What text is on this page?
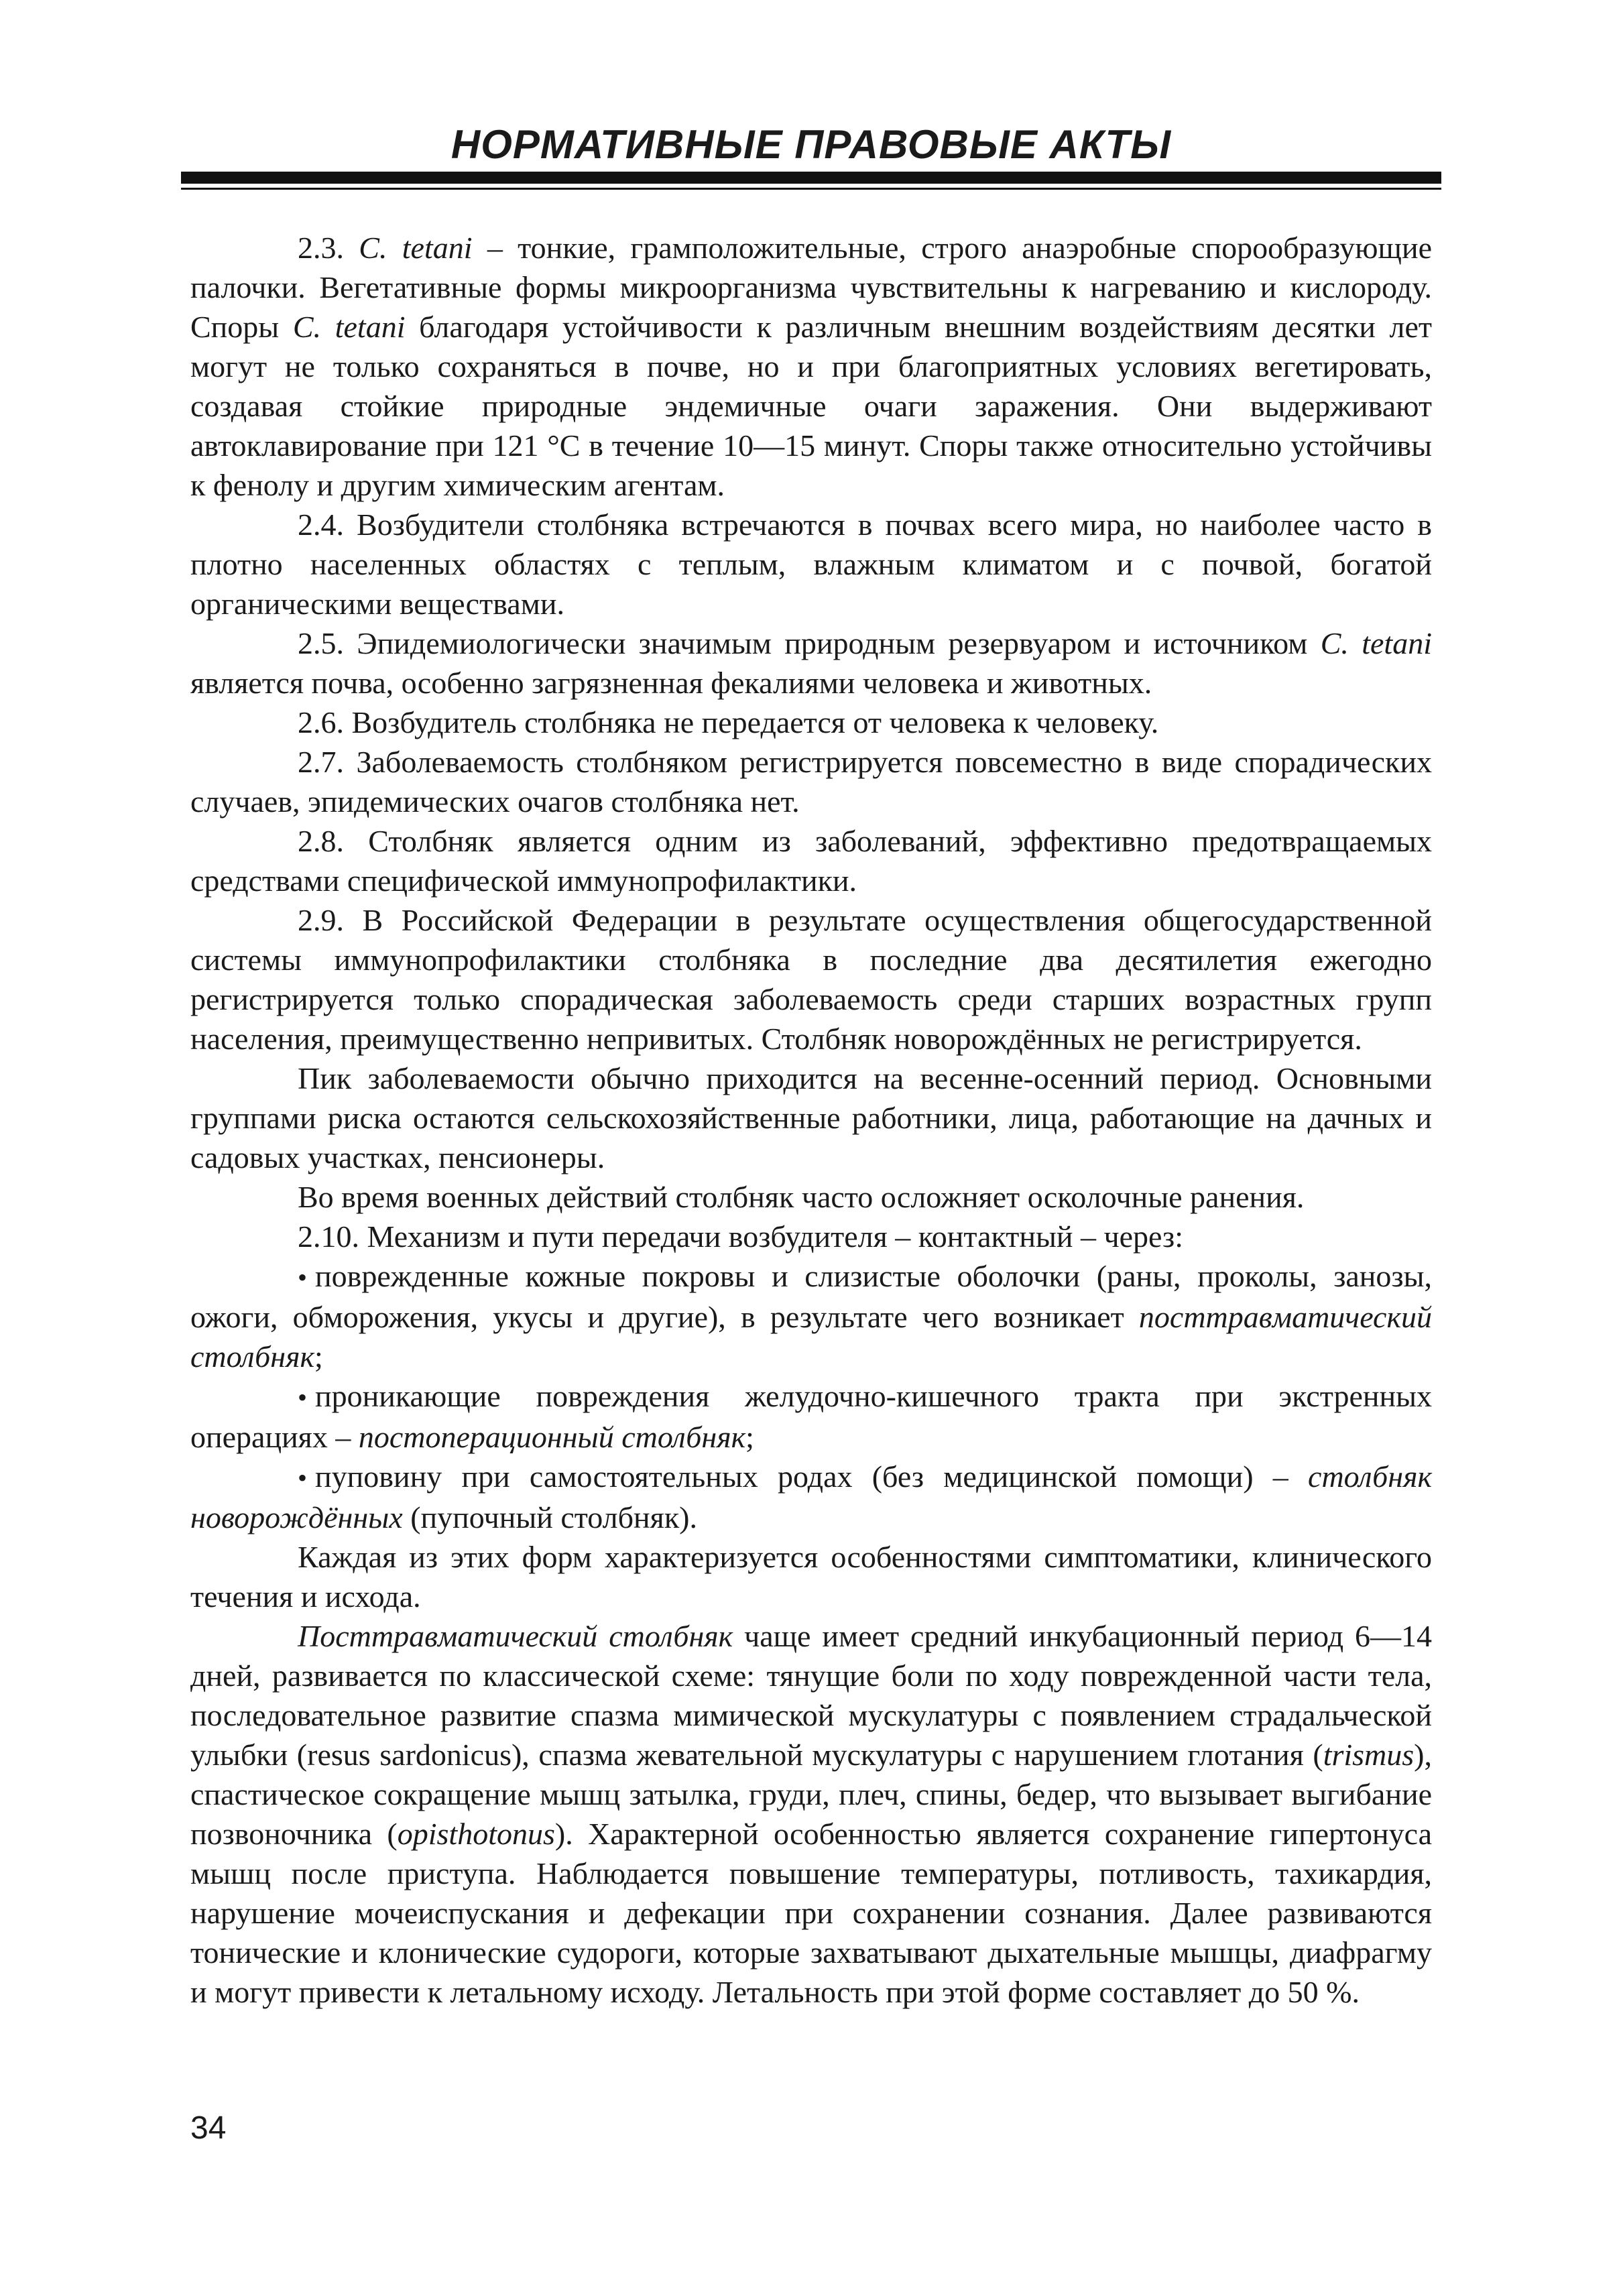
НОРМАТИВНЫЕ ПРАВОВЫЕ АКТЫ

2.3. C. tetani – тонкие, грамположительные, строго анаэробные спорообразующие палочки. Вегетативные формы микроорганизма чувствительны к нагреванию и кислороду. Споры C. tetani благодаря устойчивости к различным внешним воздействиям десятки лет могут не только сохраняться в почве, но и при благоприятных условиях вегетировать, создавая стойкие природные эндемичные очаги заражения. Они выдерживают автоклавирование при 121 °С в течение 10—15 минут. Споры также относительно устойчивы к фенолу и другим химическим агентам.

2.4. Возбудители столбняка встречаются в почвах всего мира, но наиболее часто в плотно населенных областях с теплым, влажным климатом и с почвой, богатой органическими веществами.

2.5. Эпидемиологически значимым природным резервуаром и источником C. tetani является почва, особенно загрязненная фекалиями человека и животных.

2.6. Возбудитель столбняка не передается от человека к человеку.

2.7. Заболеваемость столбняком регистрируется повсеместно в виде спорадических случаев, эпидемических очагов столбняка нет.

2.8. Столбняк является одним из заболеваний, эффективно предотвращаемых средствами специфической иммунопрофилактики.

2.9. В Российской Федерации в результате осуществления общегосударственной системы иммунопрофилактики столбняка в последние два десятилетия ежегодно регистрируется только спорадическая заболеваемость среди старших возрастных групп населения, преимущественно непривитых. Столбняк новорождённых не регистрируется.

Пик заболеваемости обычно приходится на весенне-осенний период. Основными группами риска остаются сельскохозяйственные работники, лица, работающие на дачных и садовых участках, пенсионеры.

Во время военных действий столбняк часто осложняет осколочные ранения.

2.10. Механизм и пути передачи возбудителя – контактный – через:

• поврежденные кожные покровы и слизистые оболочки (раны, проколы, занозы, ожоги, обморожения, укусы и другие), в результате чего возникает посттравматический столбняк;

• проникающие повреждения желудочно-кишечного тракта при экстренных операциях – постоперационный столбняк;

• пуповину при самостоятельных родах (без медицинской помощи) – столбняк новорождённых (пупочный столбняк).

Каждая из этих форм характеризуется особенностями симптоматики, клинического течения и исхода.

Посттравматический столбняк чаще имеет средний инкубационный период 6—14 дней, развивается по классической схеме: тянущие боли по ходу поврежденной части тела, последовательное развитие спазма мимической мускулатуры с появлением страдальческой улыбки (resus sardonicus), спазма жевательной мускулатуры с нарушением глотания (trismus), спастическое сокращение мышц затылка, груди, плеч, спины, бедер, что вызывает выгибание позвоночника (opisthotonus). Характерной особенностью является сохранение гипертонуса мышц после приступа. Наблюдается повышение температуры, потливость, тахикардия, нарушение мочеиспускания и дефекации при сохранении сознания. Далее развиваются тонические и клонические судороги, которые захватывают дыхательные мышцы, диафрагму и могут привести к летальному исходу. Летальность при этой форме составляет до 50 %.

34
